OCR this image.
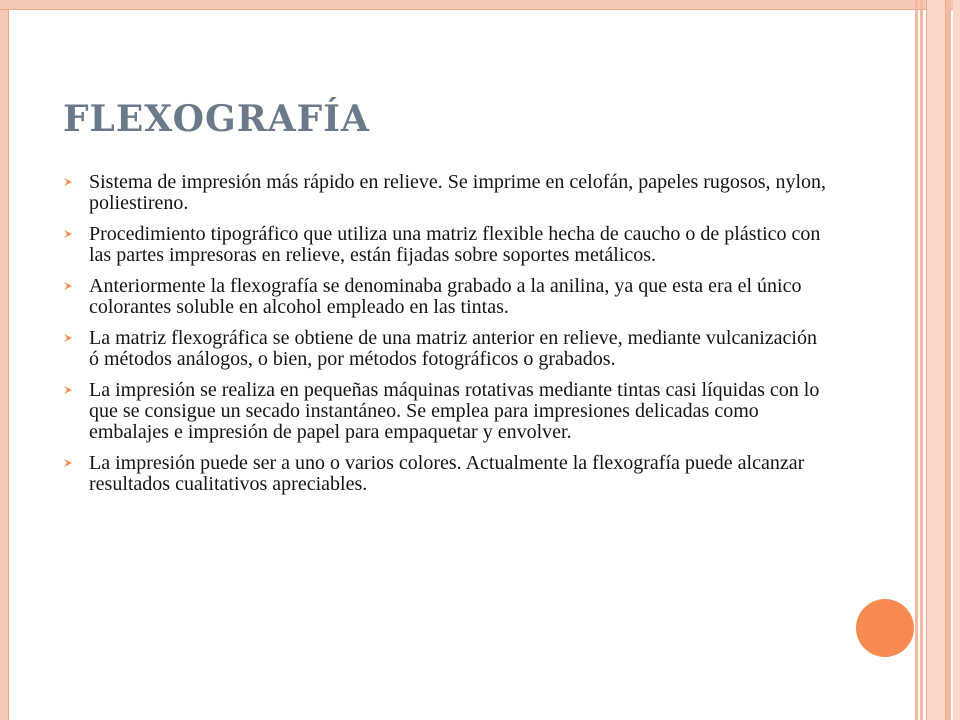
FLEXOGRAFÍA
Sistema de impresión más rápido en relieve. Se imprime en celofán, papeles rugosos, nylon, poliestireno.
Procedimiento tipográfico que utiliza una matriz flexible hecha de caucho o de plástico con las partes impresoras en relieve, están fijadas sobre soportes metálicos.
Anteriormente la flexografía se denominaba grabado a la anilina, ya que esta era el único colorantes soluble en alcohol empleado en las tintas.
La matriz flexográfica se obtiene de una matriz anterior en relieve, mediante vulcanización ó métodos análogos, o bien, por métodos fotográficos o grabados.
La impresión se realiza en pequeñas máquinas rotativas mediante tintas casi líquidas con lo que se consigue un secado instantáneo. Se emplea para impresiones delicadas como embalajes e impresión de papel para empaquetar y envolver.
La impresión puede ser a uno o varios colores. Actualmente la flexografía puede alcanzar resultados cualitativos apreciables.
